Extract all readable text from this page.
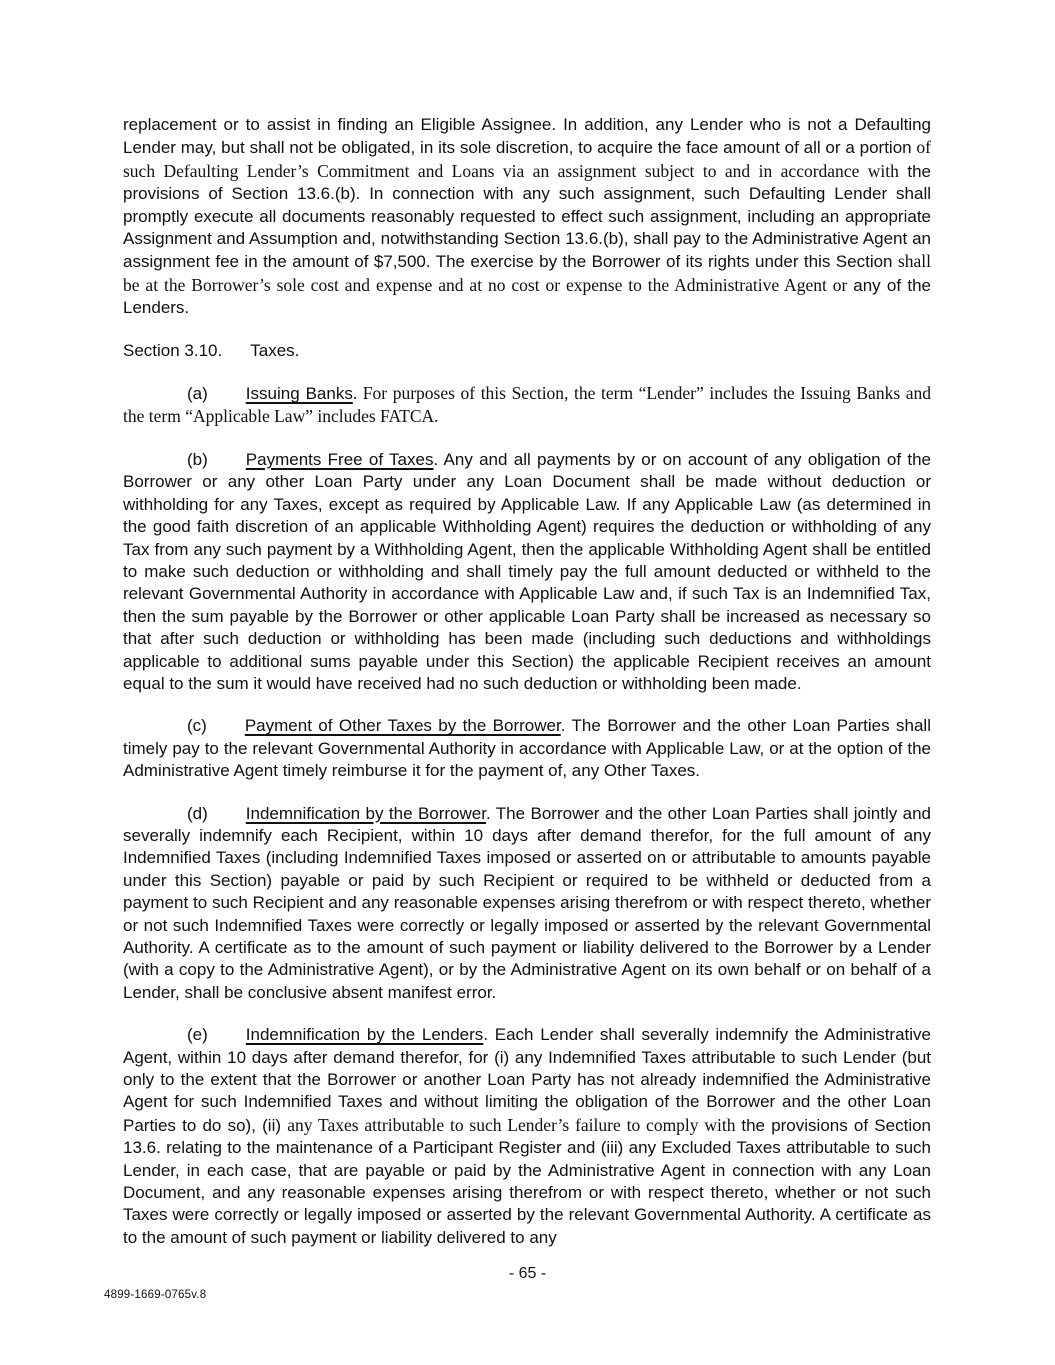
replacement or to assist in finding an Eligible Assignee. In addition, any Lender who is not a Defaulting Lender may, but shall not be obligated, in its sole discretion, to acquire the face amount of all or a portion of such Defaulting Lender’s Commitment and Loans via an assignment subject to and in accordance with the provisions of Section 13.6.(b). In connection with any such assignment, such Defaulting Lender shall promptly execute all documents reasonably requested to effect such assignment, including an appropriate Assignment and Assumption and, notwithstanding Section 13.6.(b), shall pay to the Administrative Agent an assignment fee in the amount of $7,500. The exercise by the Borrower of its rights under this Section shall be at the Borrower’s sole cost and expense and at no cost or expense to the Administrative Agent or any of the Lenders.

Section 3.10. Taxes.

(a) Issuing Banks. For purposes of this Section, the term “Lender” includes the Issuing Banks and the term “Applicable Law” includes FATCA.

(b) Payments Free of Taxes. Any and all payments by or on account of any obligation of the Borrower or any other Loan Party under any Loan Document shall be made without deduction or withholding for any Taxes, except as required by Applicable Law. If any Applicable Law (as determined in the good faith discretion of an applicable Withholding Agent) requires the deduction or withholding of any Tax from any such payment by a Withholding Agent, then the applicable Withholding Agent shall be entitled to make such deduction or withholding and shall timely pay the full amount deducted or withheld to the relevant Governmental Authority in accordance with Applicable Law and, if such Tax is an Indemnified Tax, then the sum payable by the Borrower or other applicable Loan Party shall be increased as necessary so that after such deduction or withholding has been made (including such deductions and withholdings applicable to additional sums payable under this Section) the applicable Recipient receives an amount equal to the sum it would have received had no such deduction or withholding been made.

(c) Payment of Other Taxes by the Borrower. The Borrower and the other Loan Parties shall timely pay to the relevant Governmental Authority in accordance with Applicable Law, or at the option of the Administrative Agent timely reimburse it for the payment of, any Other Taxes.

(d) Indemnification by the Borrower. The Borrower and the other Loan Parties shall jointly and severally indemnify each Recipient, within 10 days after demand therefor, for the full amount of any Indemnified Taxes (including Indemnified Taxes imposed or asserted on or attributable to amounts payable under this Section) payable or paid by such Recipient or required to be withheld or deducted from a payment to such Recipient and any reasonable expenses arising therefrom or with respect thereto, whether or not such Indemnified Taxes were correctly or legally imposed or asserted by the relevant Governmental Authority. A certificate as to the amount of such payment or liability delivered to the Borrower by a Lender (with a copy to the Administrative Agent), or by the Administrative Agent on its own behalf or on behalf of a Lender, shall be conclusive absent manifest error.

(e) Indemnification by the Lenders. Each Lender shall severally indemnify the Administrative Agent, within 10 days after demand therefor, for (i) any Indemnified Taxes attributable to such Lender (but only to the extent that the Borrower or another Loan Party has not already indemnified the Administrative Agent for such Indemnified Taxes and without limiting the obligation of the Borrower and the other Loan Parties to do so), (ii) any Taxes attributable to such Lender’s failure to comply with the provisions of Section 13.6. relating to the maintenance of a Participant Register and (iii) any Excluded Taxes attributable to such Lender, in each case, that are payable or paid by the Administrative Agent in connection with any Loan Document, and any reasonable expenses arising therefrom or with respect thereto, whether or not such Taxes were correctly or legally imposed or asserted by the relevant Governmental Authority. A certificate as to the amount of such payment or liability delivered to any

- 65 -
4899-1669-0765v.8
